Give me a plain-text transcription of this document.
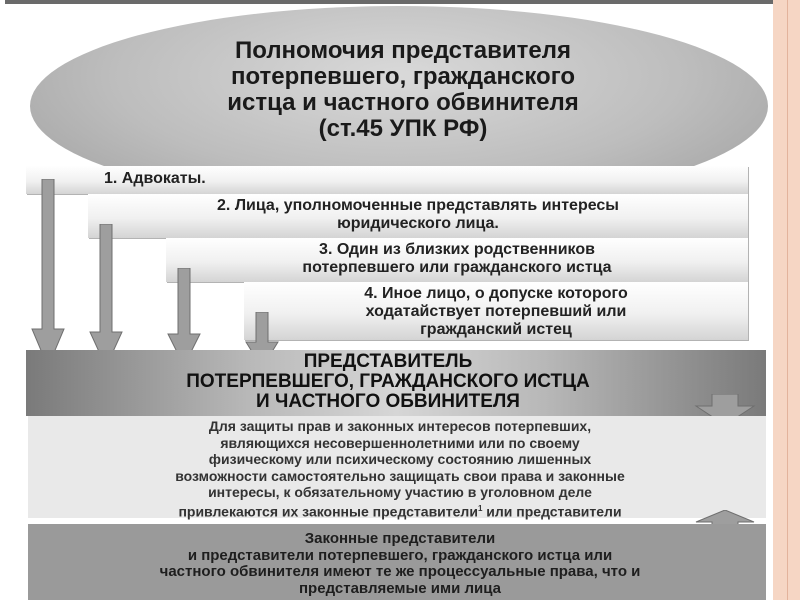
Полномочия представителя
потерпевшего, гражданского
истца и частного обвинителя
(ст.45 УПК РФ)
1. Адвокаты.
2. Лица, уполномоченные представлять интересы
юридического лица.
3. Один из близких родственников
потерпевшего или гражданского истца
4. Иное лицо, о допуске которого
ходатайствует потерпевший или
гражданский истец
ПРЕДСТАВИТЕЛЬ
ПОТЕРПЕВШЕГО, ГРАЖДАНСКОГО ИСТЦА
И ЧАСТНОГО ОБВИНИТЕЛЯ
Для защиты прав и законных интересов потерпевших,
являющихся несовершеннолетними или по своему
физическому или психическому состоянию лишенных
возможности самостоятельно защищать свои права и законные
интересы, к обязательному участию в уголовном деле
привлекаются их законные представители$^1$ или представители
Законные представители
и представители потерпевшего, гражданского истца или
частного обвинителя имеют те же процессуальные права, что и
представляемые ими лица
